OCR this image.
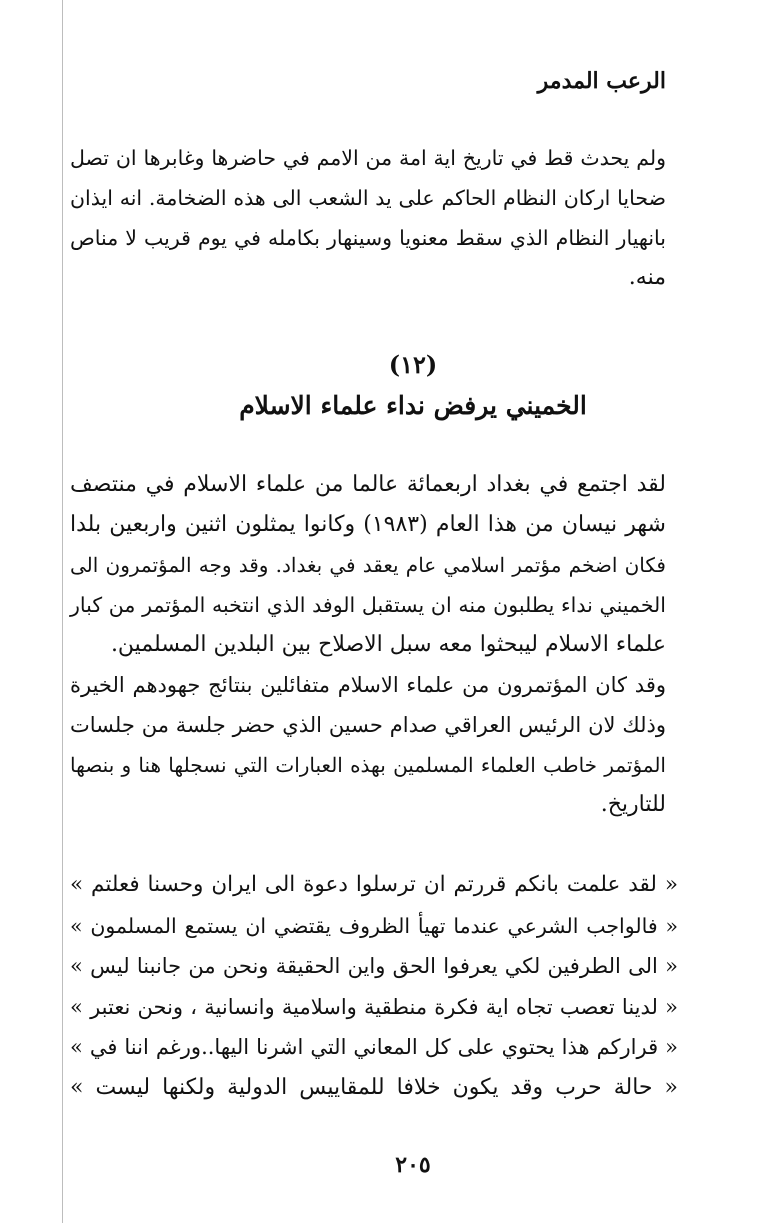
الرعب المدمر

ولم يحدث قط في تاريخ اية امة من الامم في حاضرها وغابرها ان تصل
ضحايا اركان النظام الحاكم على يد الشعب الى هذه الضخامة. انه ايذان
بانهيار النظام الذي سقط معنويا وسينهار بكامله في يوم قريب لا مناص
منه.

(١٢)
الخميني يرفض نداء علماء الاسلام

لقد اجتمع في بغداد اربعمائة عالما من علماء الاسلام في منتصف
شهر نيسان من هذا العام (١٩٨٣) وكانوا يمثلون اثنين واربعين بلدا
فكان اضخم مؤتمر اسلامي عام يعقد في بغداد. وقد وجه المؤتمرون الى
الخميني نداء يطلبون منه ان يستقبل الوفد الذي انتخبه المؤتمر من كبار
علماء الاسلام ليبحثوا معه سبل الاصلاح بين البلدين المسلمين.

وقد كان المؤتمرون من علماء الاسلام متفائلين بنتائج جهودهم الخيرة
وذلك لان الرئيس العراقي صدام حسين الذي حضر جلسة من جلسات
المؤتمر خاطب العلماء المسلمين بهذه العبارات التي نسجلها هنا و بنصها
للتاريخ.

« لقد علمت بانكم قررتم ان ترسلوا دعوة الى ايران وحسنا فعلتم »
« فالواجب الشرعي عندما تهيأ الظروف يقتضي ان يستمع المسلمون »
« الى الطرفين لكي يعرفوا الحق واين الحقيقة ونحن من جانبنا ليس »
« لدينا تعصب تجاه اية فكرة منطقية واسلامية وانسانية ، ونحن نعتبر »
« قراركم هذا يحتوي على كل المعاني التي اشرنا اليها..ورغم اننا في »
« حالة حرب وقد يكون خلافا للمقاييس الدولية ولكنها ليست »
٢٠٥
